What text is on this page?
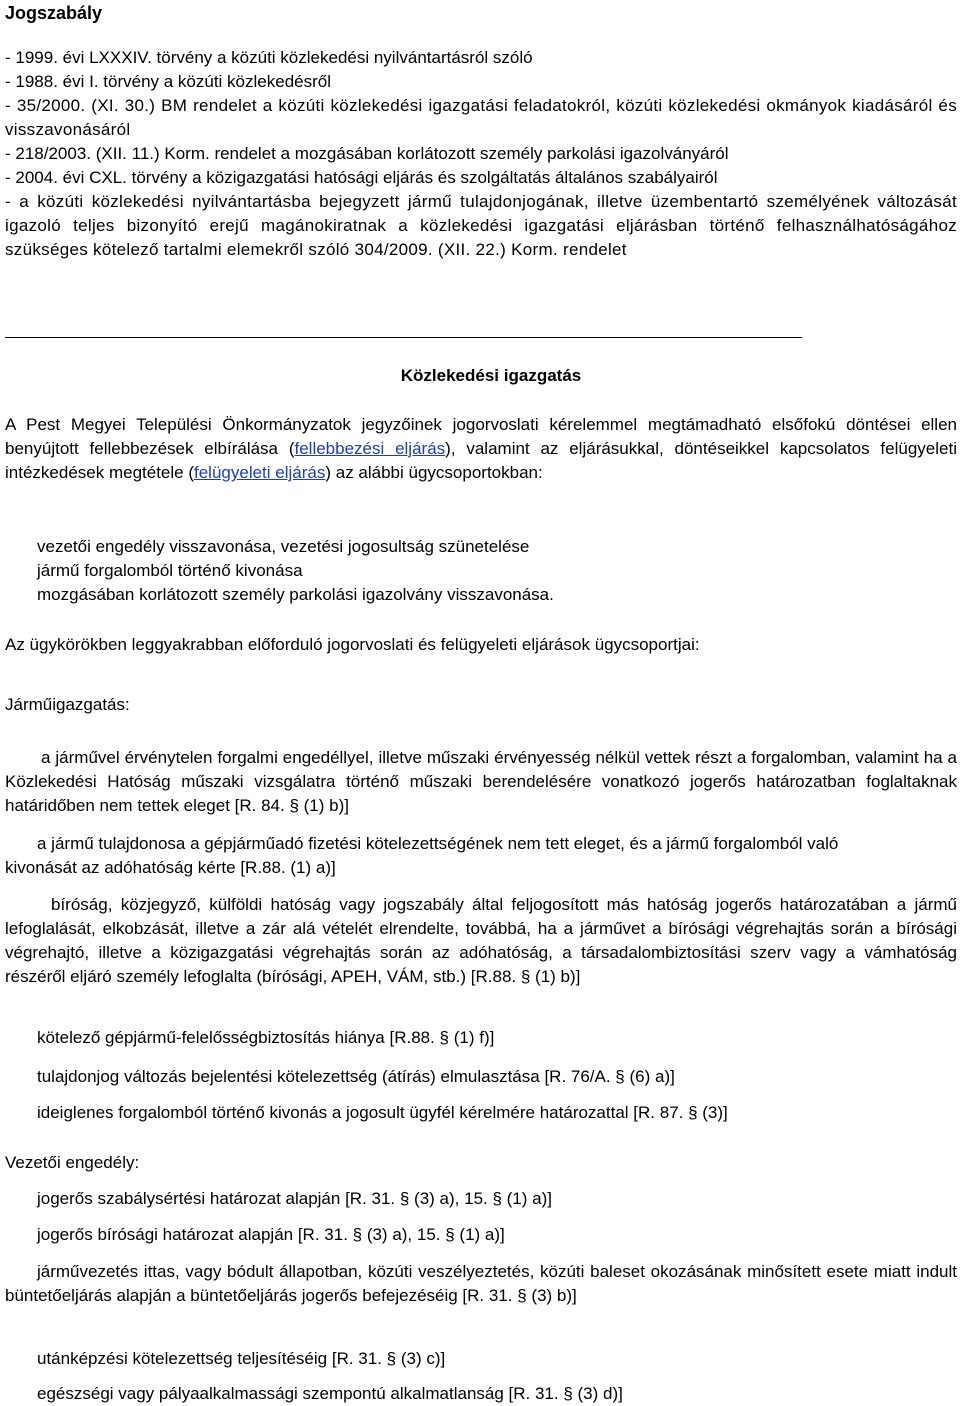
Jogszabály

- 1999. évi LXXXIV. törvény a közúti közlekedési nyilvántartásról szóló

- 1988. évi I. törvény a közúti közlekedésről

- 35/2000. (XI. 30.) BM rendelet a közúti közlekedési igazgatási feladatokról, közúti közlekedési okmányok kiadásáról és visszavonásáról

- 218/2003. (XII. 11.) Korm. rendelet a mozgásában korlátozott személy parkolási igazolványáról

- 2004. évi CXL. törvény a közigazgatási hatósági eljárás és szolgáltatás általános szabályairól

- a közúti közlekedési nyilvántartásba bejegyzett jármű tulajdonjogának, illetve üzembentartó személyének változását igazoló teljes bizonyító erejű magánokiratnak a közlekedési igazgatási eljárásban történő felhasználhatóságához szükséges kötelező tartalmi elemekről szóló 304/2009. (XII. 22.) Korm. rendelet

Közlekedési igazgatás

A Pest Megyei Települési Önkormányzatok jegyzőinek jogorvoslati kérelemmel megtámadható elsőfokú döntései ellen benyújtott fellebbezések elbírálása (fellebbezési eljárás), valamint az eljárásukkal, döntéseikkel kapcsolatos felügyeleti intézkedések megtétele (felügyeleti eljárás) az alábbi ügycsoportokban:

vezetői engedély visszavonása, vezetési jogosultság szünetelése
jármű forgalomból történő kivonása
mozgásában korlátozott személy parkolási igazolvány visszavonása.

Az ügykörökben leggyakrabban előforduló jogorvoslati és felügyeleti eljárások ügycsoportjai:

Járműigazgatás:

a járművel érvénytelen forgalmi engedéllyel, illetve műszaki érvényesség nélkül vettek részt a forgalomban, valamint ha a Közlekedési Hatóság műszaki vizsgálatra történő műszaki berendelésére vonatkozó jogerős határozatban foglaltaknak határidőben nem tettek eleget [R. 84. § (1) b)]

a jármű tulajdonosa a gépjárműadó fizetési kötelezettségének nem tett eleget, és a jármű forgalomból való kivonását az adóhatóság kérte [R.88. (1) a)]

bíróság, közjegyző, külföldi hatóság vagy jogszabály által feljogosított más hatóság jogerős határozatában a jármű lefoglalását, elkobzását, illetve a zár alá vételét elrendelte, továbbá, ha a járművet a bírósági végrehajtás során a bírósági végrehajtó, illetve a közigazgatási végrehajtás során az adóhatóság, a társadalombiztosítási szerv vagy a vámhatóság részéről eljáró személy lefoglalta (bírósági, APEH, VÁM, stb.) [R.88. § (1) b)]

kötelező gépjármű-felelősségbiztosítás hiánya [R.88. § (1) f)]

tulajdonjog változás bejelentési kötelezettség (átírás) elmulasztása [R. 76/A. § (6) a)]

ideiglenes forgalomból történő kivonás a jogosult ügyfél kérelmére határozattal [R. 87. § (3)]

Vezetői engedély:

jogerős szabálysértési határozat alapján [R. 31. § (3) a), 15. § (1) a)]

jogerős bírósági határozat alapján [R. 31. § (3) a), 15. § (1) a)]

járművezetés ittas, vagy bódult állapotban, közúti veszélyeztetés, közúti baleset okozásának minősített esete miatt indult büntetőeljárás alapján a büntetőeljárás jogerős befejezéséig [R. 31. § (3) b)]

utánképzési kötelezettség teljesítéséig [R. 31. § (3) c)]

egészségi vagy pályaalkalmassági szempontú alkalmatlanság [R. 31. § (3) d)]
